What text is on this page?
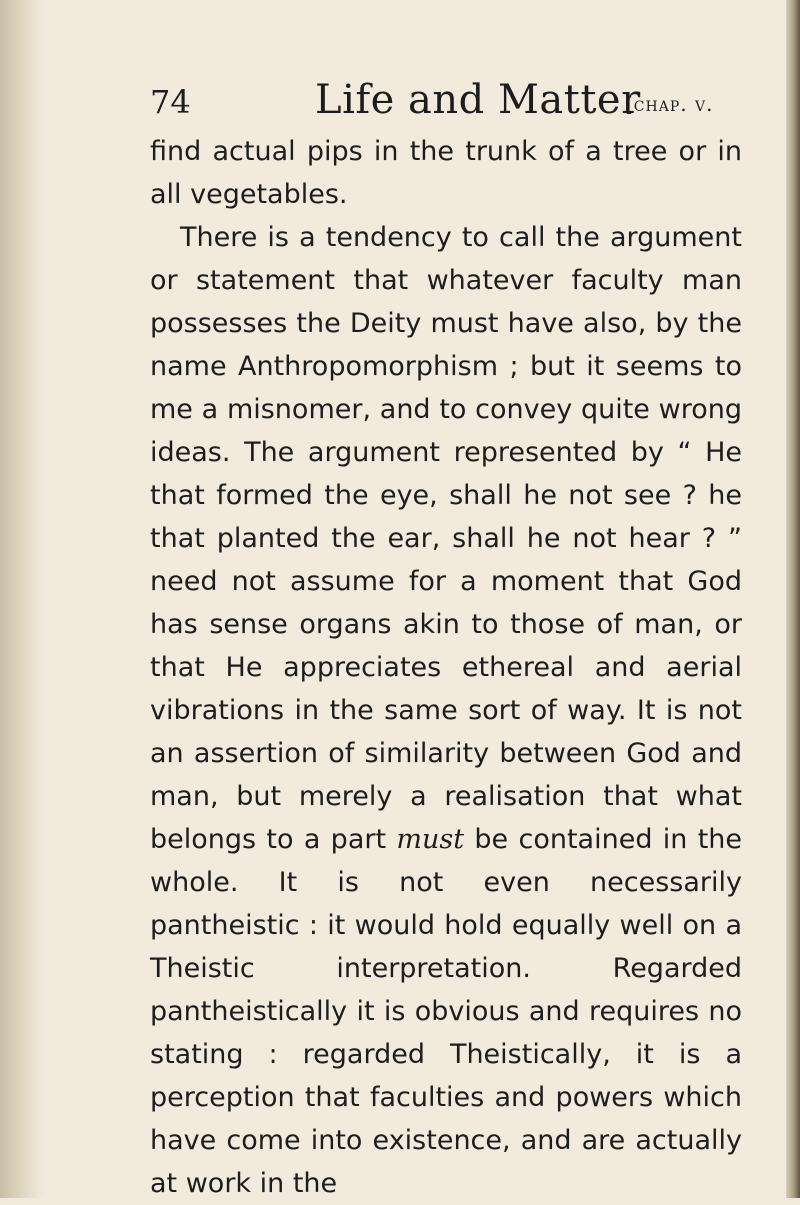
74	Life and Matter
[chap. v.

find actual pips in the trunk of a tree or in all vegetables.

There is a tendency to call the argument or statement that whatever faculty man possesses the Deity must have also, by the name Anthropomorphism ; but it seems to me a misnomer, and to convey quite wrong ideas. The argument represented by “ He that formed the eye, shall he not see ? he that planted the ear, shall he not hear ? ” need not assume for a moment that God has sense organs akin to those of man, or that He appreciates ethereal and aerial vibrations in the same sort of way. It is not an assertion of similarity between God and man, but merely a realisation that what belongs to a part must be contained in the whole. It is not even necessarily pantheistic : it would hold equally well on a Theistic interpretation. Regarded pantheistically it is obvious and requires no stating : regarded Theistically, it is a perception that faculties and powers which have come into existence, and are actually at work in the
